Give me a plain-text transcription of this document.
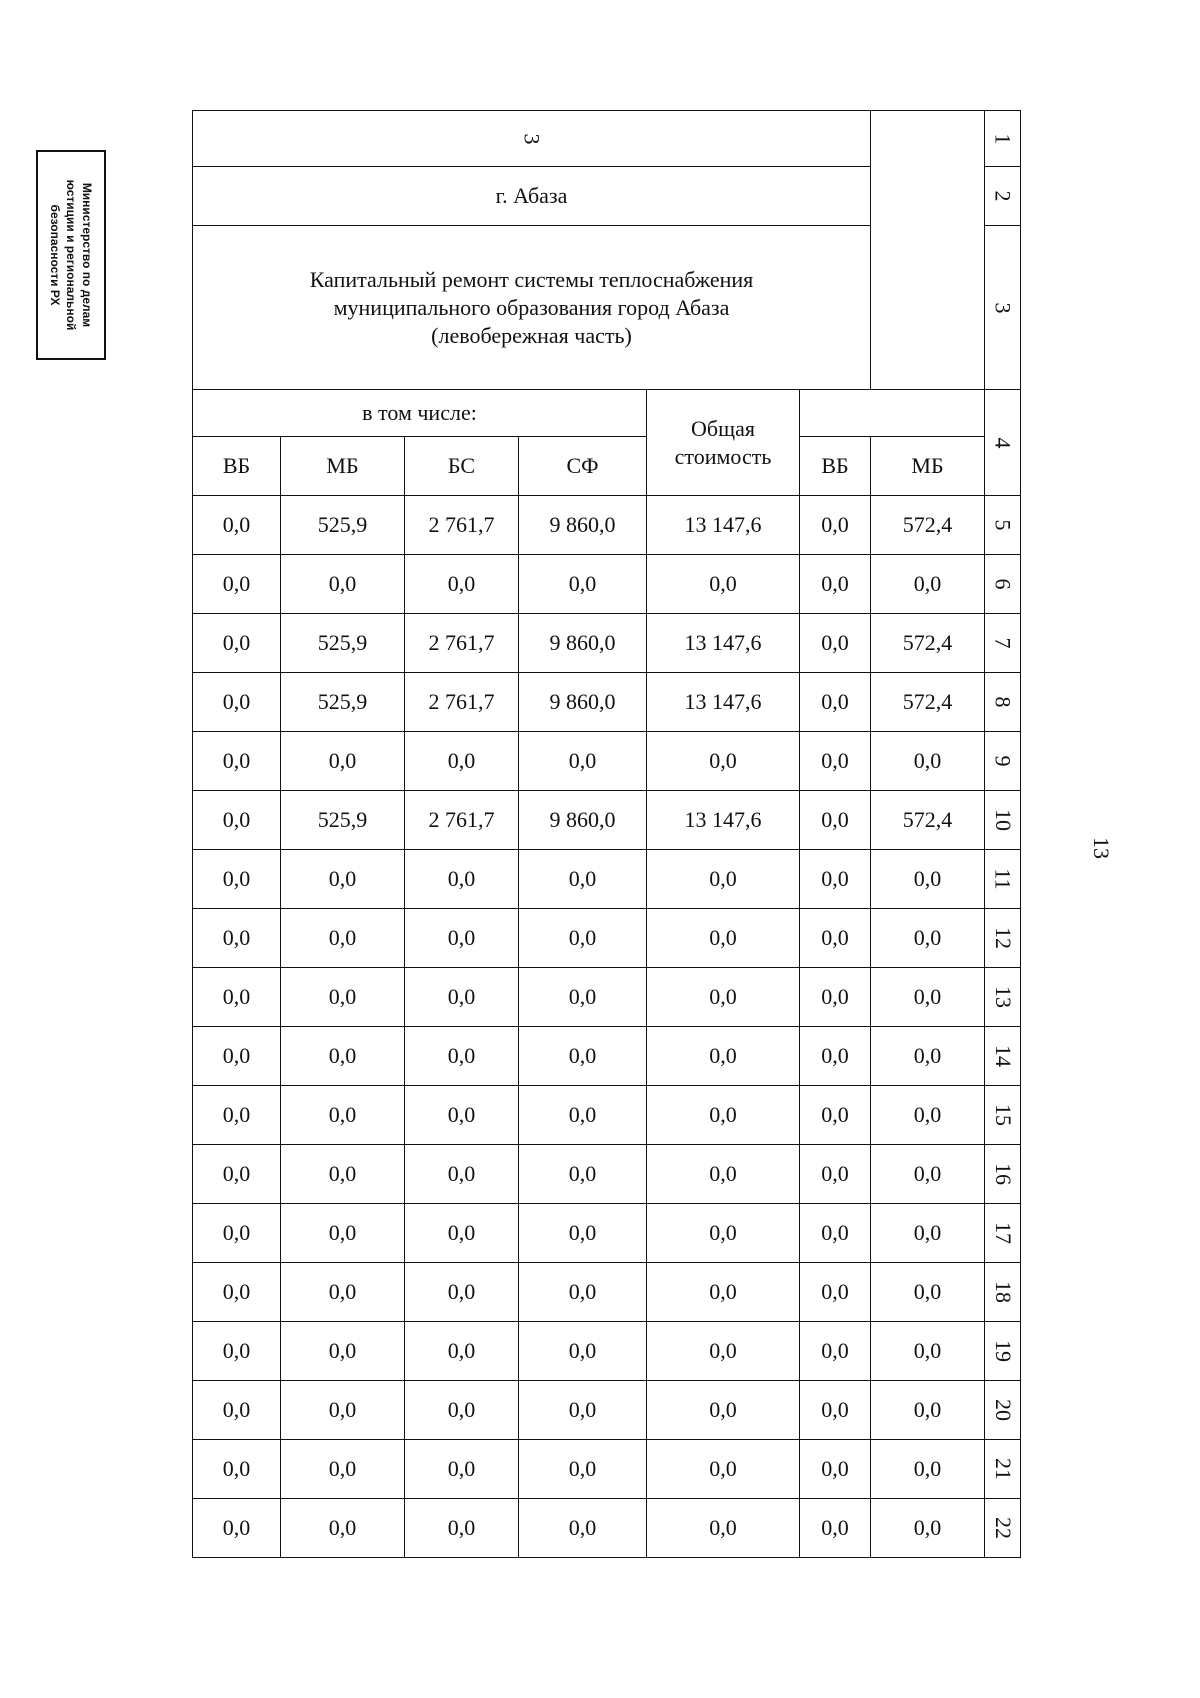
Министерство по делам
юстиции и региональной
безопасности РХ
13
3							1
г. Абаза							2
Капитальный ремонт системы теплоснабжения
муниципального образования город Абаза
(левобережная часть)							3
в том числе:				Общая
стоимость			4
ВБ	МБ	БС	СФ		ВБ	МБ	
0,0	525,9	2 761,7	9 860,0	13 147,6	0,0	572,4	5
0,0	0,0	0,0	0,0	0,0	0,0	0,0	6
0,0	525,9	2 761,7	9 860,0	13 147,6	0,0	572,4	7
0,0	525,9	2 761,7	9 860,0	13 147,6	0,0	572,4	8
0,0	0,0	0,0	0,0	0,0	0,0	0,0	9
0,0	525,9	2 761,7	9 860,0	13 147,6	0,0	572,4	10
0,0	0,0	0,0	0,0	0,0	0,0	0,0	11
0,0	0,0	0,0	0,0	0,0	0,0	0,0	12
0,0	0,0	0,0	0,0	0,0	0,0	0,0	13
0,0	0,0	0,0	0,0	0,0	0,0	0,0	14
0,0	0,0	0,0	0,0	0,0	0,0	0,0	15
0,0	0,0	0,0	0,0	0,0	0,0	0,0	16
0,0	0,0	0,0	0,0	0,0	0,0	0,0	17
0,0	0,0	0,0	0,0	0,0	0,0	0,0	18
0,0	0,0	0,0	0,0	0,0	0,0	0,0	19
0,0	0,0	0,0	0,0	0,0	0,0	0,0	20
0,0	0,0	0,0	0,0	0,0	0,0	0,0	21
0,0	0,0	0,0	0,0	0,0	0,0	0,0	22
